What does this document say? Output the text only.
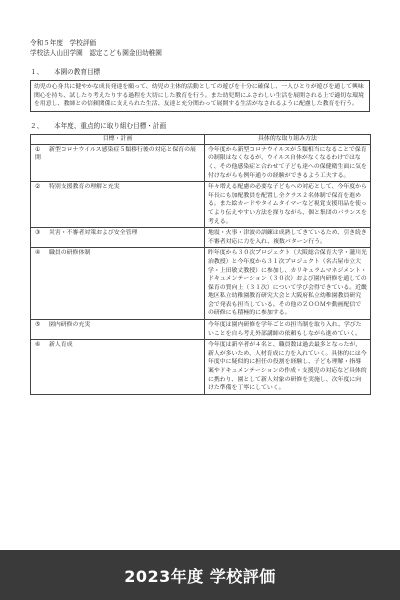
令和５年度　学校評価

学校法人山田学園　認定こども園金田幼稚園

１、 本園の教育目標
幼児の心身共に健やかな成長発達を願って、幼児の主体的活動としての遊びを十分に確保し、一人ひとりが遊びを通して興味関心を持ち、試したり考えたりする過程を大切にした教育を行う。また幼児期にふさわしい生活を展開される上で適切な環境を用意し、教師との信頼関係に支えられた生活、友達と充分関わって展開する生活がなされるように配慮した教育を行う。
２、 本年度、重点的に取り組む目標・計画
目標・計画	具体的な取り組み方法
① 新型コロナウイルス感染症５類移行後の対応と保育の展開	今年度から新型コロナウイルスが５類相当になることで保育の制限はなくなるが、ウイルス自体がなくなるわけではなく、その他感染症と合わせて子ども達への保健衛生面に気を付けながらも例年通りの経験ができるよう工夫する。
② 特別支援教育の理解と充実	年々増える配慮の必要な子どもへの対応として、今年度から年長にも加配教員を配置し全クラス２名体制で保育を進める。また絵カードやタイムタイマーなど視覚支援用品を使ってより伝えやすい方法を探りながら、個と集団のバランスを考える。
③ 災害・不審者対策および安全管理	地震・火事・津波の訓練は成熟してきているため、引き続き不審者対応に力を入れ、複数パターン行う。
④ 職員の研修体制	昨年度から３０次プロジェクト（大阪総合保育大学・瀧川光治教授）と今年度から３１次プロジェクト（名古屋市立大学・上田敏丈教授）に参加し、カリキュラムマネジメント・ドキュメンテーション（３０次）および園内研修を通しての保育の質向上（３１次）について学び会得できている。近畿地区私立幼稚園教育研究大会と大阪府私立幼稚園教員研究会で発表も担当している。その他のＺＯＯＭや動画配信での研修にも積極的に参加する。
⑤ 園内研修の充実	今年度は園内研修を学年ごとの担当制を取り入れ、学びたいことを自ら考え外部講師の依頼もしながら進めていく。
⑥ 新人育成	今年度は新卒者が４名と、職員数は過去最多となったが、新人が多いため、人材育成に力を入れていく。具体的には今年度中に疑似的に担任の役割を経験し、子ども理解・指導案やドキュメンテーションの作成・支援児の対応など具体的に携わり、園として新人対象の研修を実施し、次年度に向けた準備を丁寧にしていく。
2023年度 学校評価
